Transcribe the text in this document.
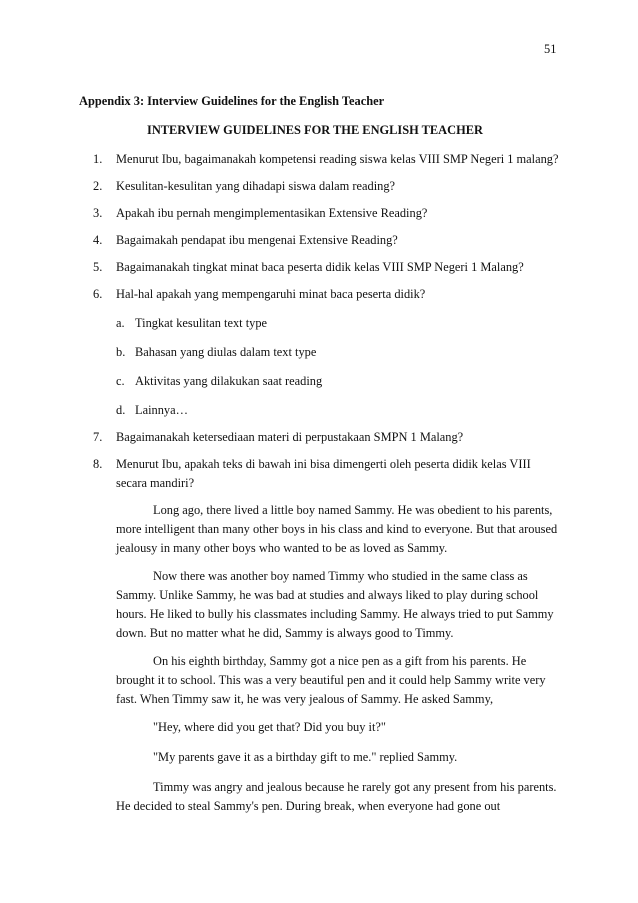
51
Appendix 3: Interview Guidelines for the English Teacher
INTERVIEW GUIDELINES FOR THE ENGLISH TEACHER
1. Menurut Ibu, bagaimanakah kompetensi reading siswa kelas VIII SMP Negeri 1 malang?
2. Kesulitan-kesulitan yang dihadapi siswa dalam reading?
3. Apakah ibu pernah mengimplementasikan Extensive Reading?
4. Bagaimakah pendapat ibu mengenai Extensive Reading?
5. Bagaimanakah tingkat minat baca peserta didik kelas VIII SMP Negeri 1 Malang?
6. Hal-hal apakah yang mempengaruhi minat baca peserta didik?
a. Tingkat kesulitan text type
b. Bahasan yang diulas dalam text type
c. Aktivitas yang dilakukan saat reading
d. Lainnya…
7. Bagaimanakah ketersediaan materi di perpustakaan SMPN 1 Malang?
8. Menurut Ibu, apakah teks di bawah ini bisa dimengerti oleh peserta didik kelas VIII secara mandiri?

Long ago, there lived a little boy named Sammy. He was obedient to his parents, more intelligent than many other boys in his class and kind to everyone. But that aroused jealousy in many other boys who wanted to be as loved as Sammy.

Now there was another boy named Timmy who studied in the same class as Sammy. Unlike Sammy, he was bad at studies and always liked to play during school hours. He liked to bully his classmates including Sammy. He always tried to put Sammy down. But no matter what he did, Sammy is always good to Timmy.

On his eighth birthday, Sammy got a nice pen as a gift from his parents. He brought it to school. This was a very beautiful pen and it could help Sammy write very fast. When Timmy saw it, he was very jealous of Sammy. He asked Sammy,

"Hey, where did you get that? Did you buy it?"

"My parents gave it as a birthday gift to me." replied Sammy.

Timmy was angry and jealous because he rarely got any present from his parents. He decided to steal Sammy's pen. During break, when everyone had gone out
